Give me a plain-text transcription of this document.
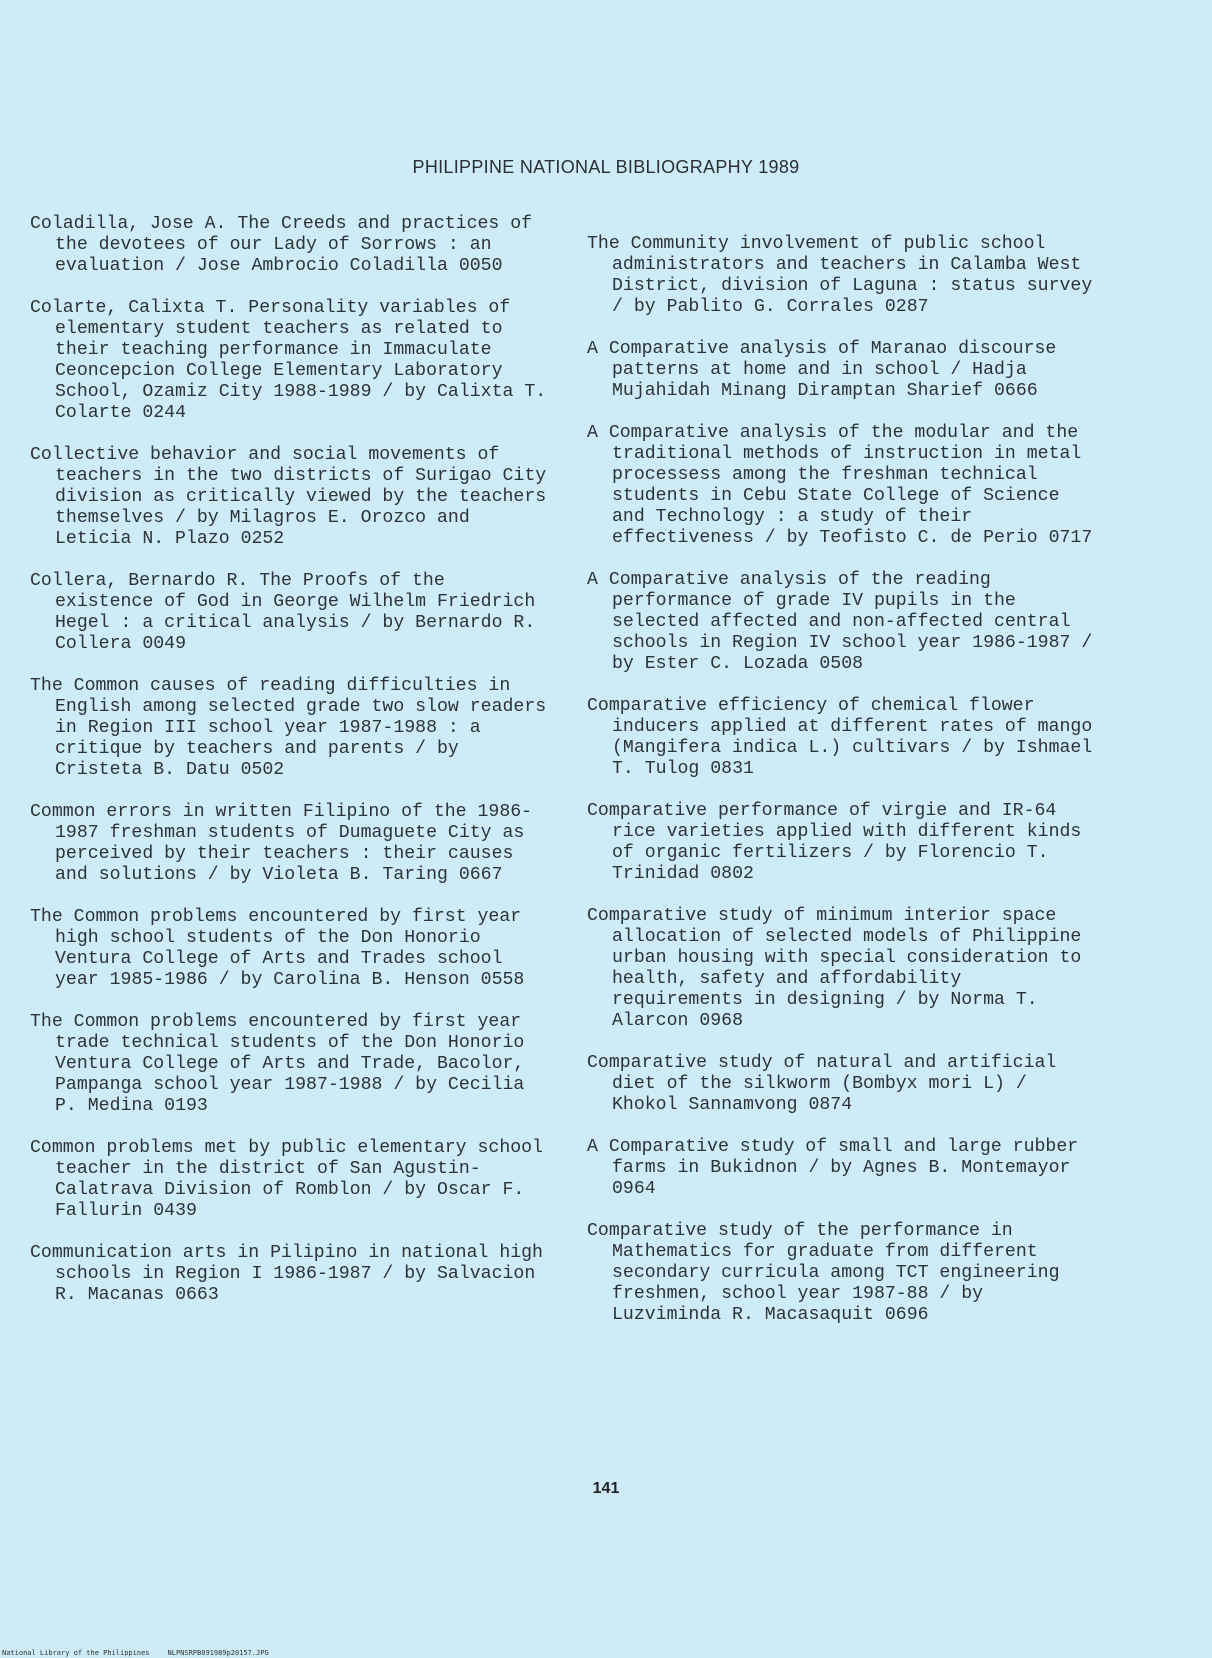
PHILIPPINE NATIONAL BIBLIOGRAPHY 1989

Coladilla, Jose A. The Creeds and practices of the devotees of our Lady of Sorrows : an evaluation / Jose Ambrocio Coladilla 0050

Colarte, Calixta T. Personality variables of elementary student teachers as related to their teaching performance in Immaculate Ceoncepcion College Elementary Laboratory School, Ozamiz City 1988-1989 / by Calixta T. Colarte 0244

Collective behavior and social movements of teachers in the two districts of Surigao City division as critically viewed by the teachers themselves / by Milagros E. Orozco and Leticia N. Plazo 0252

Collera, Bernardo R. The Proofs of the existence of God in George Wilhelm Friedrich Hegel : a critical analysis / by Bernardo R. Collera 0049

The Common causes of reading difficulties in English among selected grade two slow readers in Region III school year 1987-1988 : a critique by teachers and parents / by Cristeta B. Datu 0502

Common errors in written Filipino of the 1986-1987 freshman students of Dumaguete City as perceived by their teachers : their causes and solutions / by Violeta B. Taring 0667

The Common problems encountered by first year high school students of the Don Honorio Ventura College of Arts and Trades school year 1985-1986 / by Carolina B. Henson 0558

The Common problems encountered by first year trade technical students of the Don Honorio Ventura College of Arts and Trade, Bacolor, Pampanga school year 1987-1988 / by Cecilia P. Medina 0193

Common problems met by public elementary school teacher in the district of San Agustin-Calatrava Division of Romblon / by Oscar F. Fallurin 0439

Communication arts in Pilipino in national high schools in Region I 1986-1987 / by Salvacion R. Macanas 0663

The Community involvement of public school administrators and teachers in Calamba West District, division of Laguna : status survey / by Pablito G. Corrales 0287

A Comparative analysis of Maranao discourse patterns at home and in school / Hadja Mujahidah Minang Diramptan Sharief 0666

A Comparative analysis of the modular and the traditional methods of instruction in metal processess among the freshman technical students in Cebu State College of Science and Technology : a study of their effectiveness / by Teofisto C. de Perio 0717

A Comparative analysis of the reading performance of grade IV pupils in the selected affected and non-affected central schools in Region IV school year 1986-1987 / by Ester C. Lozada 0508

Comparative efficiency of chemical flower inducers applied at different rates of mango (Mangifera indica L.) cultivars / by Ishmael T. Tulog 0831

Comparative performance of virgie and IR-64 rice varieties applied with different kinds of organic fertilizers / by Florencio T. Trinidad 0802

Comparative study of minimum interior space allocation of selected models of Philippine urban housing with special consideration to health, safety and affordability requirements in designing / by Norma T. Alarcon 0968

Comparative study of natural and artificial diet of the silkworm (Bombyx mori L) / Khokol Sannamvong 0874

A Comparative study of small and large rubber farms in Bukidnon / by Agnes B. Montemayor 0964

Comparative study of the performance in Mathematics for graduate from different secondary curricula among TCT engineering freshmen, school year 1987-88 / by Luzviminda R. Macasaquit 0696

141
National Library of the Philippines	NLPNSRPB091989p20157.JPG
